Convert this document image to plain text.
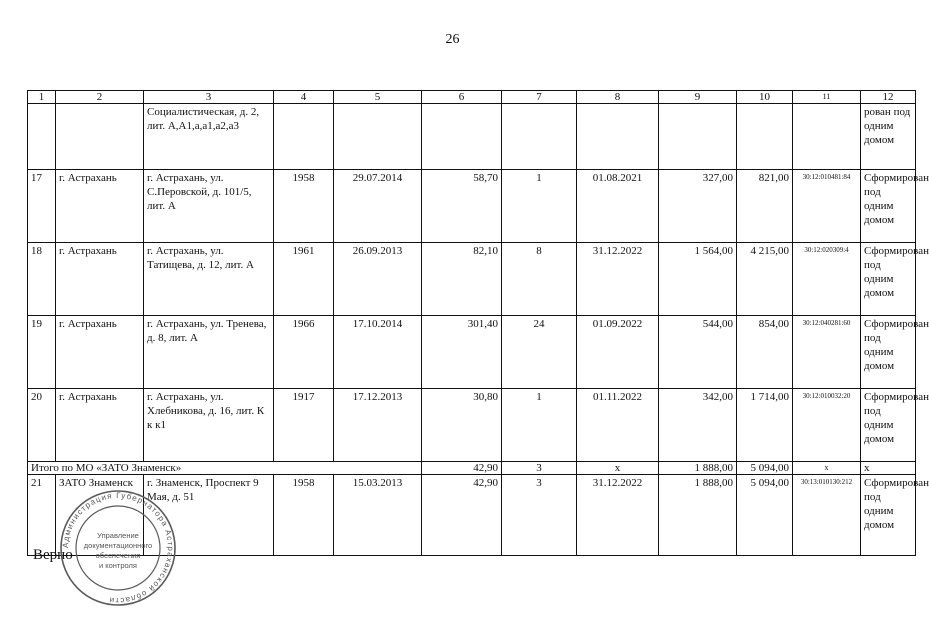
26
1	2	3	4	5	6	7	8	9	10	11	12
		Социалистическая, д. 2, лит. А,А1,а,а1,а2,а3									рован под одним домом
17	г. Астрахань	г. Астрахань, ул. С.Перовской, д. 101/5, лит. А	1958	29.07.2014	58,70	1	01.08.2021	327,00	821,00	30:12:010481:84	Сформирован под одним домом
18	г. Астрахань	г. Астрахань, ул. Татищева, д. 12, лит. А	1961	26.09.2013	82,10	8	31.12.2022	1 564,00	4 215,00	30:12:020309:4	Сформирован под одним домом
19	г. Астрахань	г. Астрахань, ул. Тренева, д. 8, лит. А	1966	17.10.2014	301,40	24	01.09.2022	544,00	854,00	30:12:040281:60	Сформирован под одним домом
20	г. Астрахань	г. Астрахань, ул. Хлебникова, д. 16, лит. К к к1	1917	17.12.2013	30,80	1	01.11.2022	342,00	1 714,00	30:12:010032:20	Сформирован под одним домом
Итого по МО «ЗАТО Знаменск»					42,90	3	х	1 888,00	5 094,00	х	х
21	ЗАТО Знаменск	г. Знаменск, Проспект 9 Мая, д. 51	1958	15.03.2013	42,90	3	31.12.2022	1 888,00	5 094,00	30:13:010130:212	Сформирован под одним домом
Верно
Администрация Губернатора Астраханской области
Управление
документационного
обеспечения
и контроля
